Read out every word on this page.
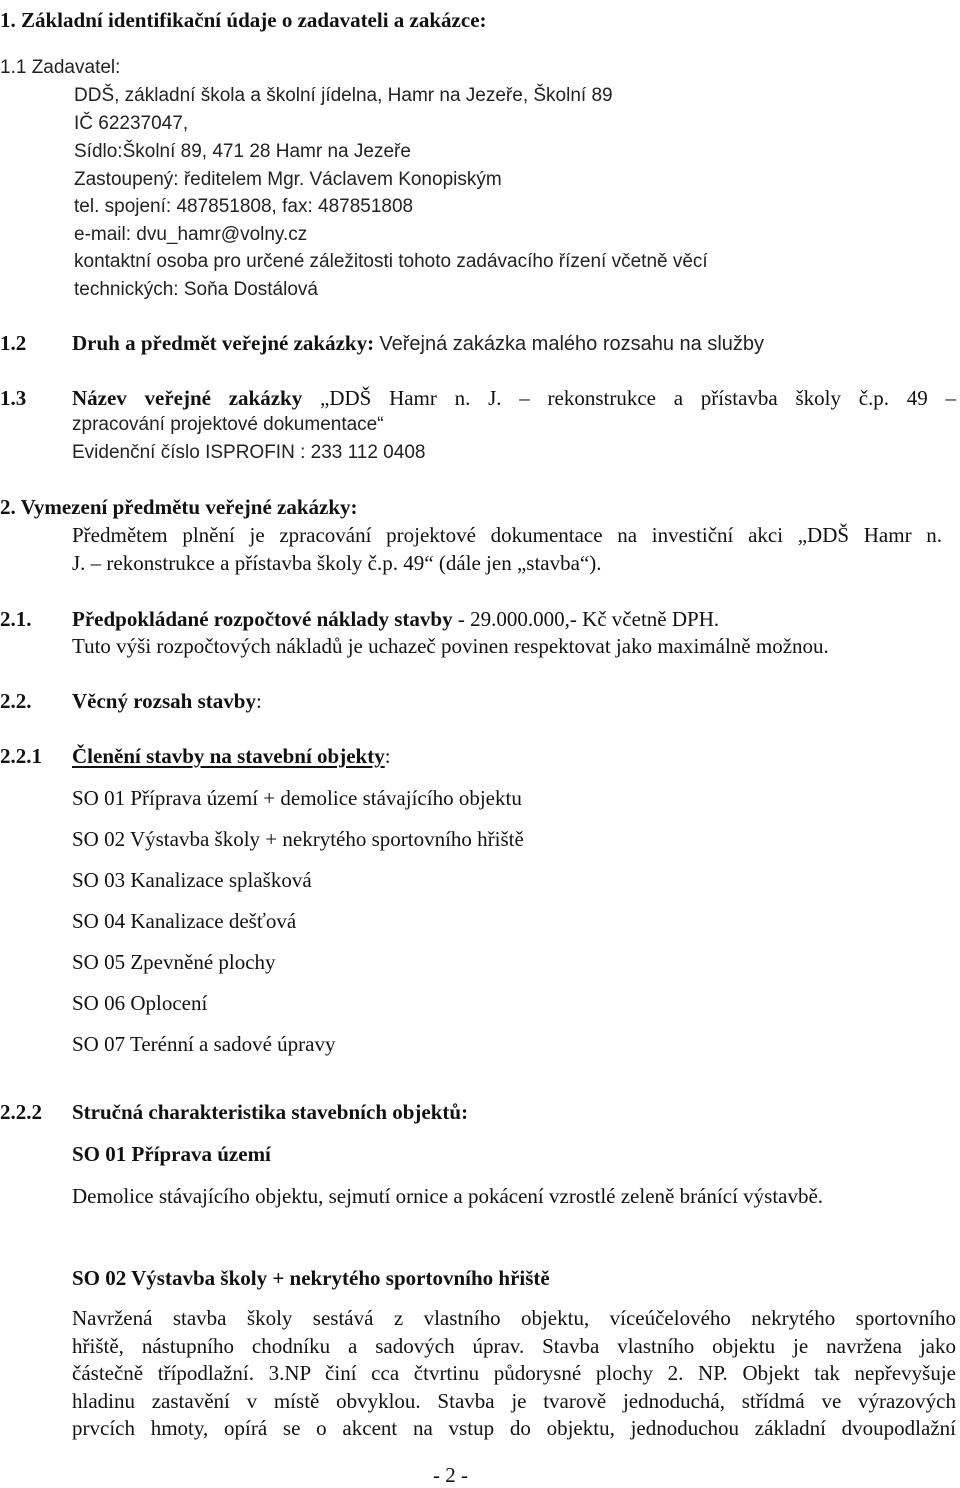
1. Základní identifikační údaje o zadavateli a zakázce:
1.1 Zadavatel:
DDŠ, základní škola a školní jídelna, Hamr na Jezeře, Školní 89
IČ 62237047,
Sídlo:Školní 89, 471 28 Hamr na Jezeře
Zastoupený: ředitelem Mgr. Václavem Konopiským
tel. spojení: 487851808, fax: 487851808
e-mail: dvu_hamr@volny.cz
kontaktní osoba pro určené záležitosti tohoto zadávacího řízení včetně věcí
technických: Soňa Dostálová
1.2 Druh a předmět veřejné zakázky: Veřejná zakázka malého rozsahu na služby
1.3 Název veřejné zakázky „DDŠ Hamr n. J. – rekonstrukce a přístavba školy č.p. 49 –
zpracování projektové dokumentace“
Evidenční číslo ISPROFIN : 233 112 0408
2. Vymezení předmětu veřejné zakázky:
Předmětem plnění je zpracování projektové dokumentace na investiční akci „DDŠ Hamr n.
J. – rekonstrukce a přístavba školy č.p. 49“ (dále jen „stavba“).
2.1. Předpokládané rozpočtové náklady stavby - 29.000.000,- Kč včetně DPH.
Tuto výši rozpočtových nákladů je uchazeč povinen respektovat jako maximálně možnou.
2.2. Věcný rozsah stavby:
2.2.1 Členění stavby na stavební objekty:
SO 01 Příprava území + demolice stávajícího objektu
SO 02 Výstavba školy + nekrytého sportovního hřiště
SO 03 Kanalizace splašková
SO 04 Kanalizace dešťová
SO 05 Zpevněné plochy
SO 06 Oplocení
SO 07 Terénní a sadové úpravy
2.2.2 Stručná charakteristika stavebních objektů:
SO 01 Příprava území
Demolice stávajícího objektu, sejmutí ornice a pokácení vzrostlé zeleně bránící výstavbě.
SO 02 Výstavba školy + nekrytého sportovního hřiště
Navržená stavba školy sestává z vlastního objektu, víceúčelového nekrytého sportovního
hřiště, nástupního chodníku a sadových úprav. Stavba vlastního objektu je navržena jako
částečně třípodlažní. 3.NP činí cca čtvrtinu půdorysné plochy 2. NP. Objekt tak nepřevyšuje
hladinu zastavění v místě obvyklou. Stavba je tvarově jednoduchá, střídmá ve výrazových
prvcích hmoty, opírá se o akcent na vstup do objektu, jednoduchou základní dvoupodlažní
- 2 -
